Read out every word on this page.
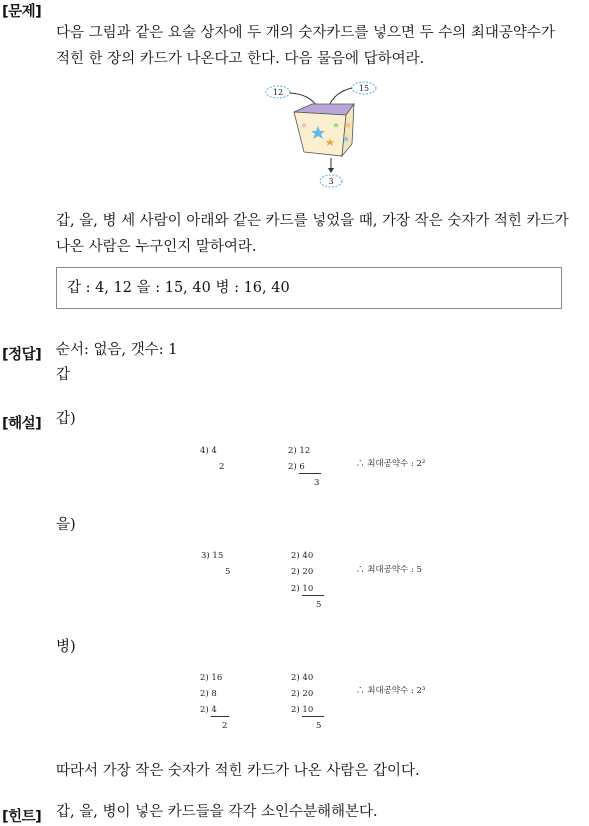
[문제]
다음 그림과 같은 요술 상자에 두 개의 숫자카드를 넣으면 두 수의 최대공약수가
적힌 한 장의 카드가 나온다고 한다. 다음 물음에 답하여라.
12	15
3
갑, 을, 병 세 사람이 아래와 같은 카드를 넣었을 때, 가장 작은 숫자가 적힌 카드가
나온 사람은 누구인지 말하여라.
갑 : 4, 12 을 : 15, 40 병 : 16, 40
[정답] 순서: 없음, 갯수: 1
갑
[해설] 갑)
4) 4
2
2) 12
2) 6
3
∴ 최대공약수 : 2²
을)
3) 15
5
2) 40
2) 20
2) 10
5
∴ 최대공약수 : 5
병)
2) 16
2) 8
2) 4
2
2) 40
2) 20
2) 10
5
∴ 최대공약수 : 2³
따라서 가장 작은 숫자가 적힌 카드가 나온 사람은 갑이다.
[힌트] 갑, 을, 병이 넣은 카드들을 각각 소인수분해해본다.
